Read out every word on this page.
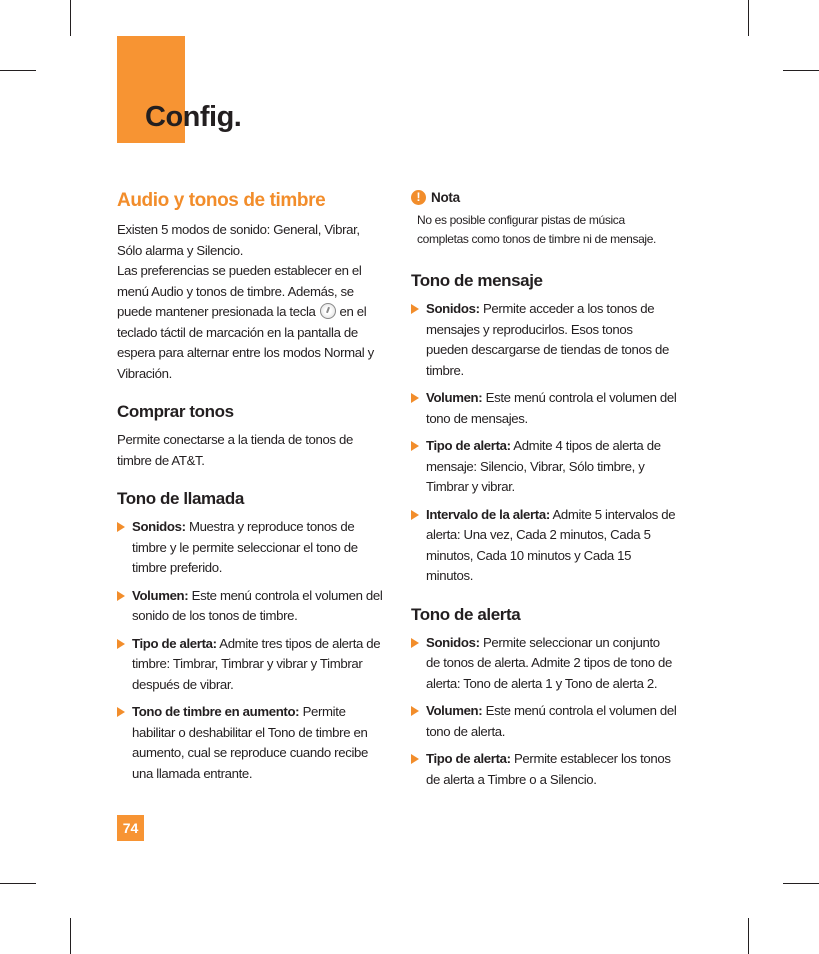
Config.
Audio y tonos de timbre

Existen 5 modos de sonido: General, Vibrar, Sólo alarma y Silencio.

Las preferencias se pueden establecer en el menú Audio y tonos de timbre. Además, se puede mantener presionada la tecla en el teclado táctil de marcación en la pantalla de espera para alternar entre los modos Normal y Vibración.

Comprar tonos

Permite conectarse a la tienda de tonos de timbre de AT&T.

Tono de llamada
Sonidos: Muestra y reproduce tonos de timbre y le permite seleccionar el tono de timbre preferido.
Volumen: Este menú controla el volumen del sonido de los tonos de timbre.
Tipo de alerta: Admite tres tipos de alerta de timbre: Timbrar, Timbrar y vibrar y Timbrar después de vibrar.
Tono de timbre en aumento: Permite habilitar o deshabilitar el Tono de timbre en aumento, cual se reproduce cuando recibe una llamada entrante.
! Nota

No es posible configurar pistas de música completas como tonos de timbre ni de mensaje.

Tono de mensaje
Sonidos: Permite acceder a los tonos de mensajes y reproducirlos. Esos tonos pueden descargarse de tiendas de tonos de timbre.
Volumen: Este menú controla el volumen del tono de mensajes.
Tipo de alerta: Admite 4 tipos de alerta de mensaje: Silencio, Vibrar, Sólo timbre, y Timbrar y vibrar.
Intervalo de la alerta: Admite 5 intervalos de alerta: Una vez, Cada 2 minutos, Cada 5 minutos, Cada 10 minutos y Cada 15 minutos.
Tono de alerta
Sonidos: Permite seleccionar un conjunto de tonos de alerta. Admite 2 tipos de tono de alerta: Tono de alerta 1 y Tono de alerta 2.
Volumen: Este menú controla el volumen del tono de alerta.
Tipo de alerta: Permite establecer los tonos de alerta a Timbre o a Silencio.
74
